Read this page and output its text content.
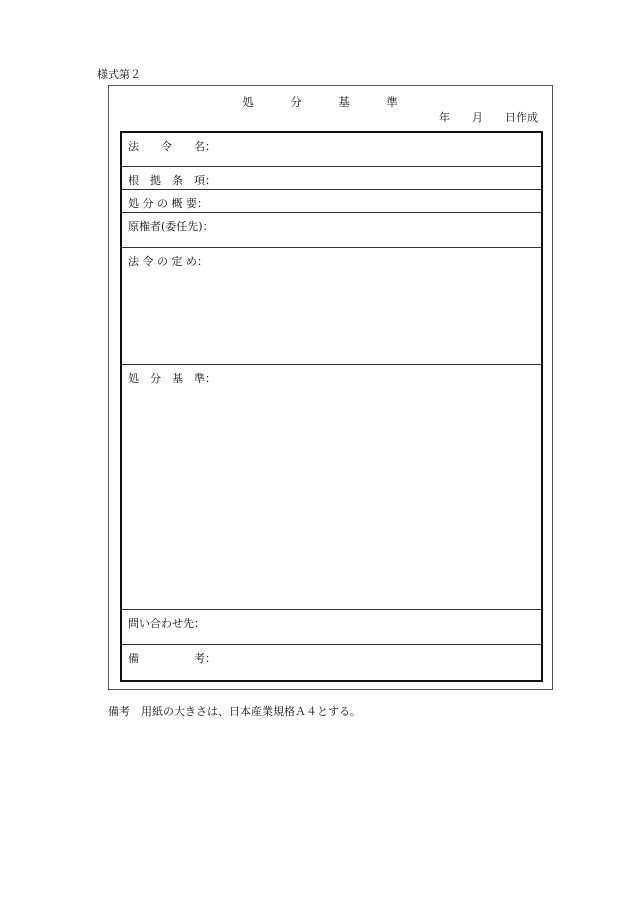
様式第２
処	分	基	準
年 月 日作成
法　　令　　名：
根　拠　条　項：
処 分 の 概 要：
原権者(委任先)：
法 令 の 定 め：
処　分　基　準：
問い合わせ先：
備　　　　　考：
備考　用紙の大きさは、日本産業規格Ａ４とする。
